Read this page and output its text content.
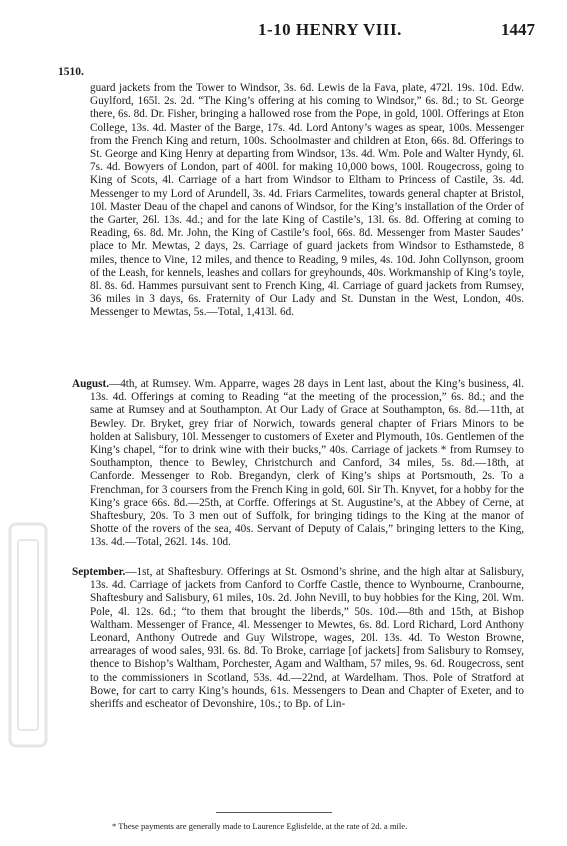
1-10 HENRY VIII.	1447
1510.

guard jackets from the Tower to Windsor, 3s. 6d. Lewis de la Fava, plate, 472l. 19s. 10d. Edw. Guylford, 165l. 2s. 2d. “The King’s offering at his coming to Windsor,” 6s. 8d.; to St. George there, 6s. 8d. Dr. Fisher, bringing a hallowed rose from the Pope, in gold, 100l. Offerings at Eton College, 13s. 4d. Master of the Barge, 17s. 4d. Lord Antony’s wages as spear, 100s. Messenger from the French King and return, 100s. Schoolmaster and children at Eton, 66s. 8d. Offerings to St. George and King Henry at departing from Windsor, 13s. 4d. Wm. Pole and Walter Hyndy, 6l. 7s. 4d. Bowyers of London, part of 400l. for making 10,000 bows, 100l. Rougecross, going to King of Scots, 4l. Carriage of a hart from Windsor to Eltham to Princess of Castile, 3s. 4d. Messenger to my Lord of Arundell, 3s. 4d. Friars Carmelites, towards general chapter at Bristol, 10l. Master Deau of the chapel and canons of Windsor, for the King’s installation of the Order of the Garter, 26l. 13s. 4d.; and for the late King of Castile’s, 13l. 6s. 8d. Offering at coming to Reading, 6s. 8d. Mr. John, the King of Castile’s fool, 66s. 8d. Messenger from Master Saudes’ place to Mr. Mewtas, 2 days, 2s. Carriage of guard jackets from Windsor to Esthamstede, 8 miles, thence to Vine, 12 miles, and thence to Reading, 9 miles, 4s. 10d. John Collynson, groom of the Leash, for kennels, leashes and collars for greyhounds, 40s. Workmanship of King’s toyle, 8l. 8s. 6d. Hammes pursuivant sent to French King, 4l. Carriage of guard jackets from Rumsey, 36 miles in 3 days, 6s. Fraternity of Our Lady and St. Dunstan in the West, London, 40s. Messenger to Mewtas, 5s.—Total, 1,413l. 6d.

August.—4th, at Rumsey. Wm. Apparre, wages 28 days in Lent last, about the King’s business, 4l. 13s. 4d. Offerings at coming to Reading “at the meeting of the procession,” 6s. 8d.; and the same at Rumsey and at Southampton. At Our Lady of Grace at Southampton, 6s. 8d.—11th, at Bewley. Dr. Bryket, grey friar of Norwich, towards general chapter of Friars Minors to be holden at Salisbury, 10l. Messenger to customers of Exeter and Plymouth, 10s. Gentlemen of the King’s chapel, “for to drink wine with their bucks,” 40s. Carriage of jackets * from Rumsey to Southampton, thence to Bewley, Christchurch and Canford, 34 miles, 5s. 8d.—18th, at Canforde. Messenger to Rob. Bregandyn, clerk of King’s ships at Portsmouth, 2s. To a Frenchman, for 3 coursers from the French King in gold, 60l. Sir Th. Knyvet, for a hobby for the King’s grace 66s. 8d.—25th, at Corffe. Offerings at St. Augustine’s, at the Abbey of Cerne, at Shaftesbury, 20s. To 3 men out of Suffolk, for bringing tidings to the King at the manor of Shotte of the rovers of the sea, 40s. Servant of Deputy of Calais,” bringing letters to the King, 13s. 4d.—Total, 262l. 14s. 10d.

September.—1st, at Shaftesbury. Offerings at St. Osmond’s shrine, and the high altar at Salisbury, 13s. 4d. Carriage of jackets from Canford to Corffe Castle, thence to Wynbourne, Cranbourne, Shaftesbury and Salisbury, 61 miles, 10s. 2d. John Nevill, to buy hobbies for the King, 20l. Wm. Pole, 4l. 12s. 6d.; “to them that brought the liberds,” 50s. 10d.—8th and 15th, at Bishop Waltham. Messenger of France, 4l. Messenger to Mewtes, 6s. 8d. Lord Richard, Lord Anthony Leonard, Anthony Outrede and Guy Wilstrope, wages, 20l. 13s. 4d. To Weston Browne, arrearages of wood sales, 93l. 6s. 8d. To Broke, carriage [of jackets] from Salisbury to Romsey, thence to Bishop’s Waltham, Porchester, Agam and Waltham, 57 miles, 9s. 6d. Rougecross, sent to the commissioners in Scotland, 53s. 4d.—22nd, at Wardelham. Thos. Pole of Stratford at Bowe, for cart to carry King’s hounds, 61s. Messengers to Dean and Chapter of Exeter, and to sheriffs and escheator of Devonshire, 10s.; to Bp. of Lin-

* These payments are generally made to Laurence Eglisfelde, at the rate of 2d. a mile.
